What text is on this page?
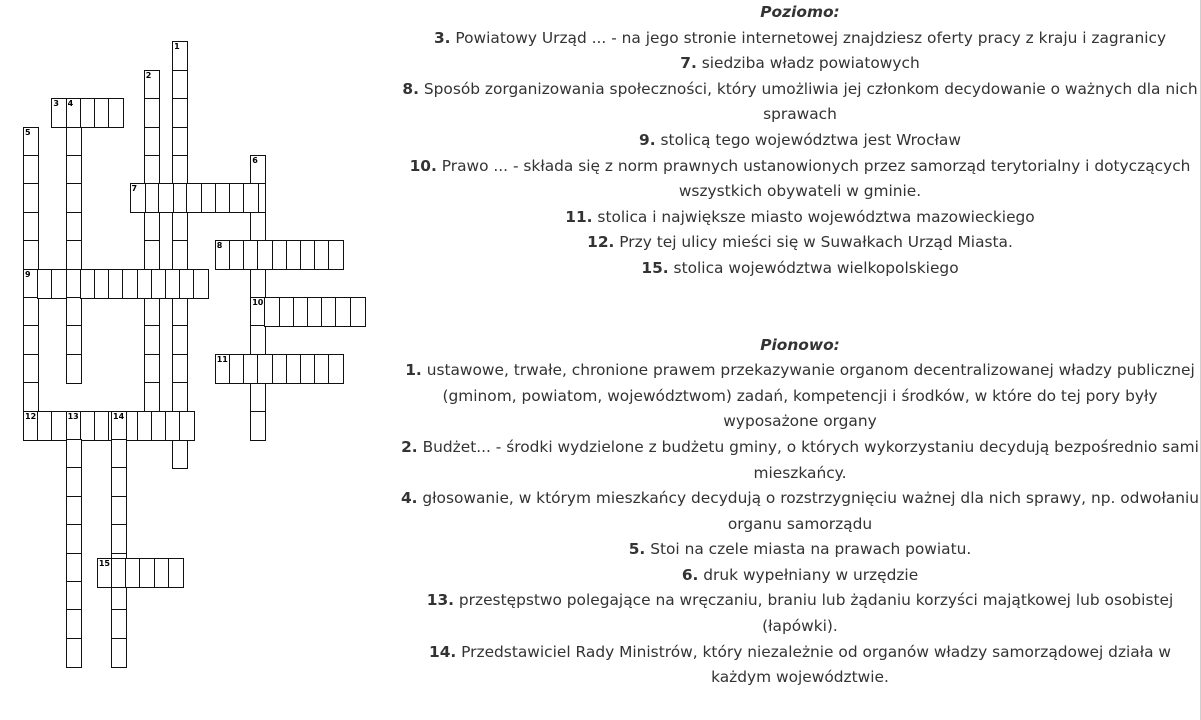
1
2
3 4
5
9
6
10
7
8
11
12	13	14
15
Poziomo:
3. Powiatowy Urząd ... - na jego stronie internetowej znajdziesz oferty pracy z kraju i zagranicy
7. siedziba władz powiatowych
8. Sposób zorganizowania społeczności, który umożliwia jej członkom decydowanie o ważnych dla nich sprawach
9. stolicą tego województwa jest Wrocław
10. Prawo ... - składa się z norm prawnych ustanowionych przez samorząd terytorialny i dotyczących wszystkich obywateli w gminie.
11. stolica i największe miasto województwa mazowieckiego
12. Przy tej ulicy mieści się w Suwałkach Urząd Miasta.
15. stolica województwa wielkopolskiego
Pionowo:
1. ustawowe, trwałe, chronione prawem przekazywanie organom decentralizowanej władzy publicznej (gminom, powiatom, województwom) zadań, kompetencji i środków, w które do tej pory były wyposażone organy
2. Budżet... - środki wydzielone z budżetu gminy, o których wykorzystaniu decydują bezpośrednio sami mieszkańcy.
4. głosowanie, w którym mieszkańcy decydują o rozstrzygnięciu ważnej dla nich sprawy, np. odwołaniu organu samorządu
5. Stoi na czele miasta na prawach powiatu.
6. druk wypełniany w urzędzie
13. przestępstwo polegające na wręczaniu, braniu lub żądaniu korzyści majątkowej lub osobistej (łapówki).
14. Przedstawiciel Rady Ministrów, który niezależnie od organów władzy samorządowej działa w każdym województwie.
